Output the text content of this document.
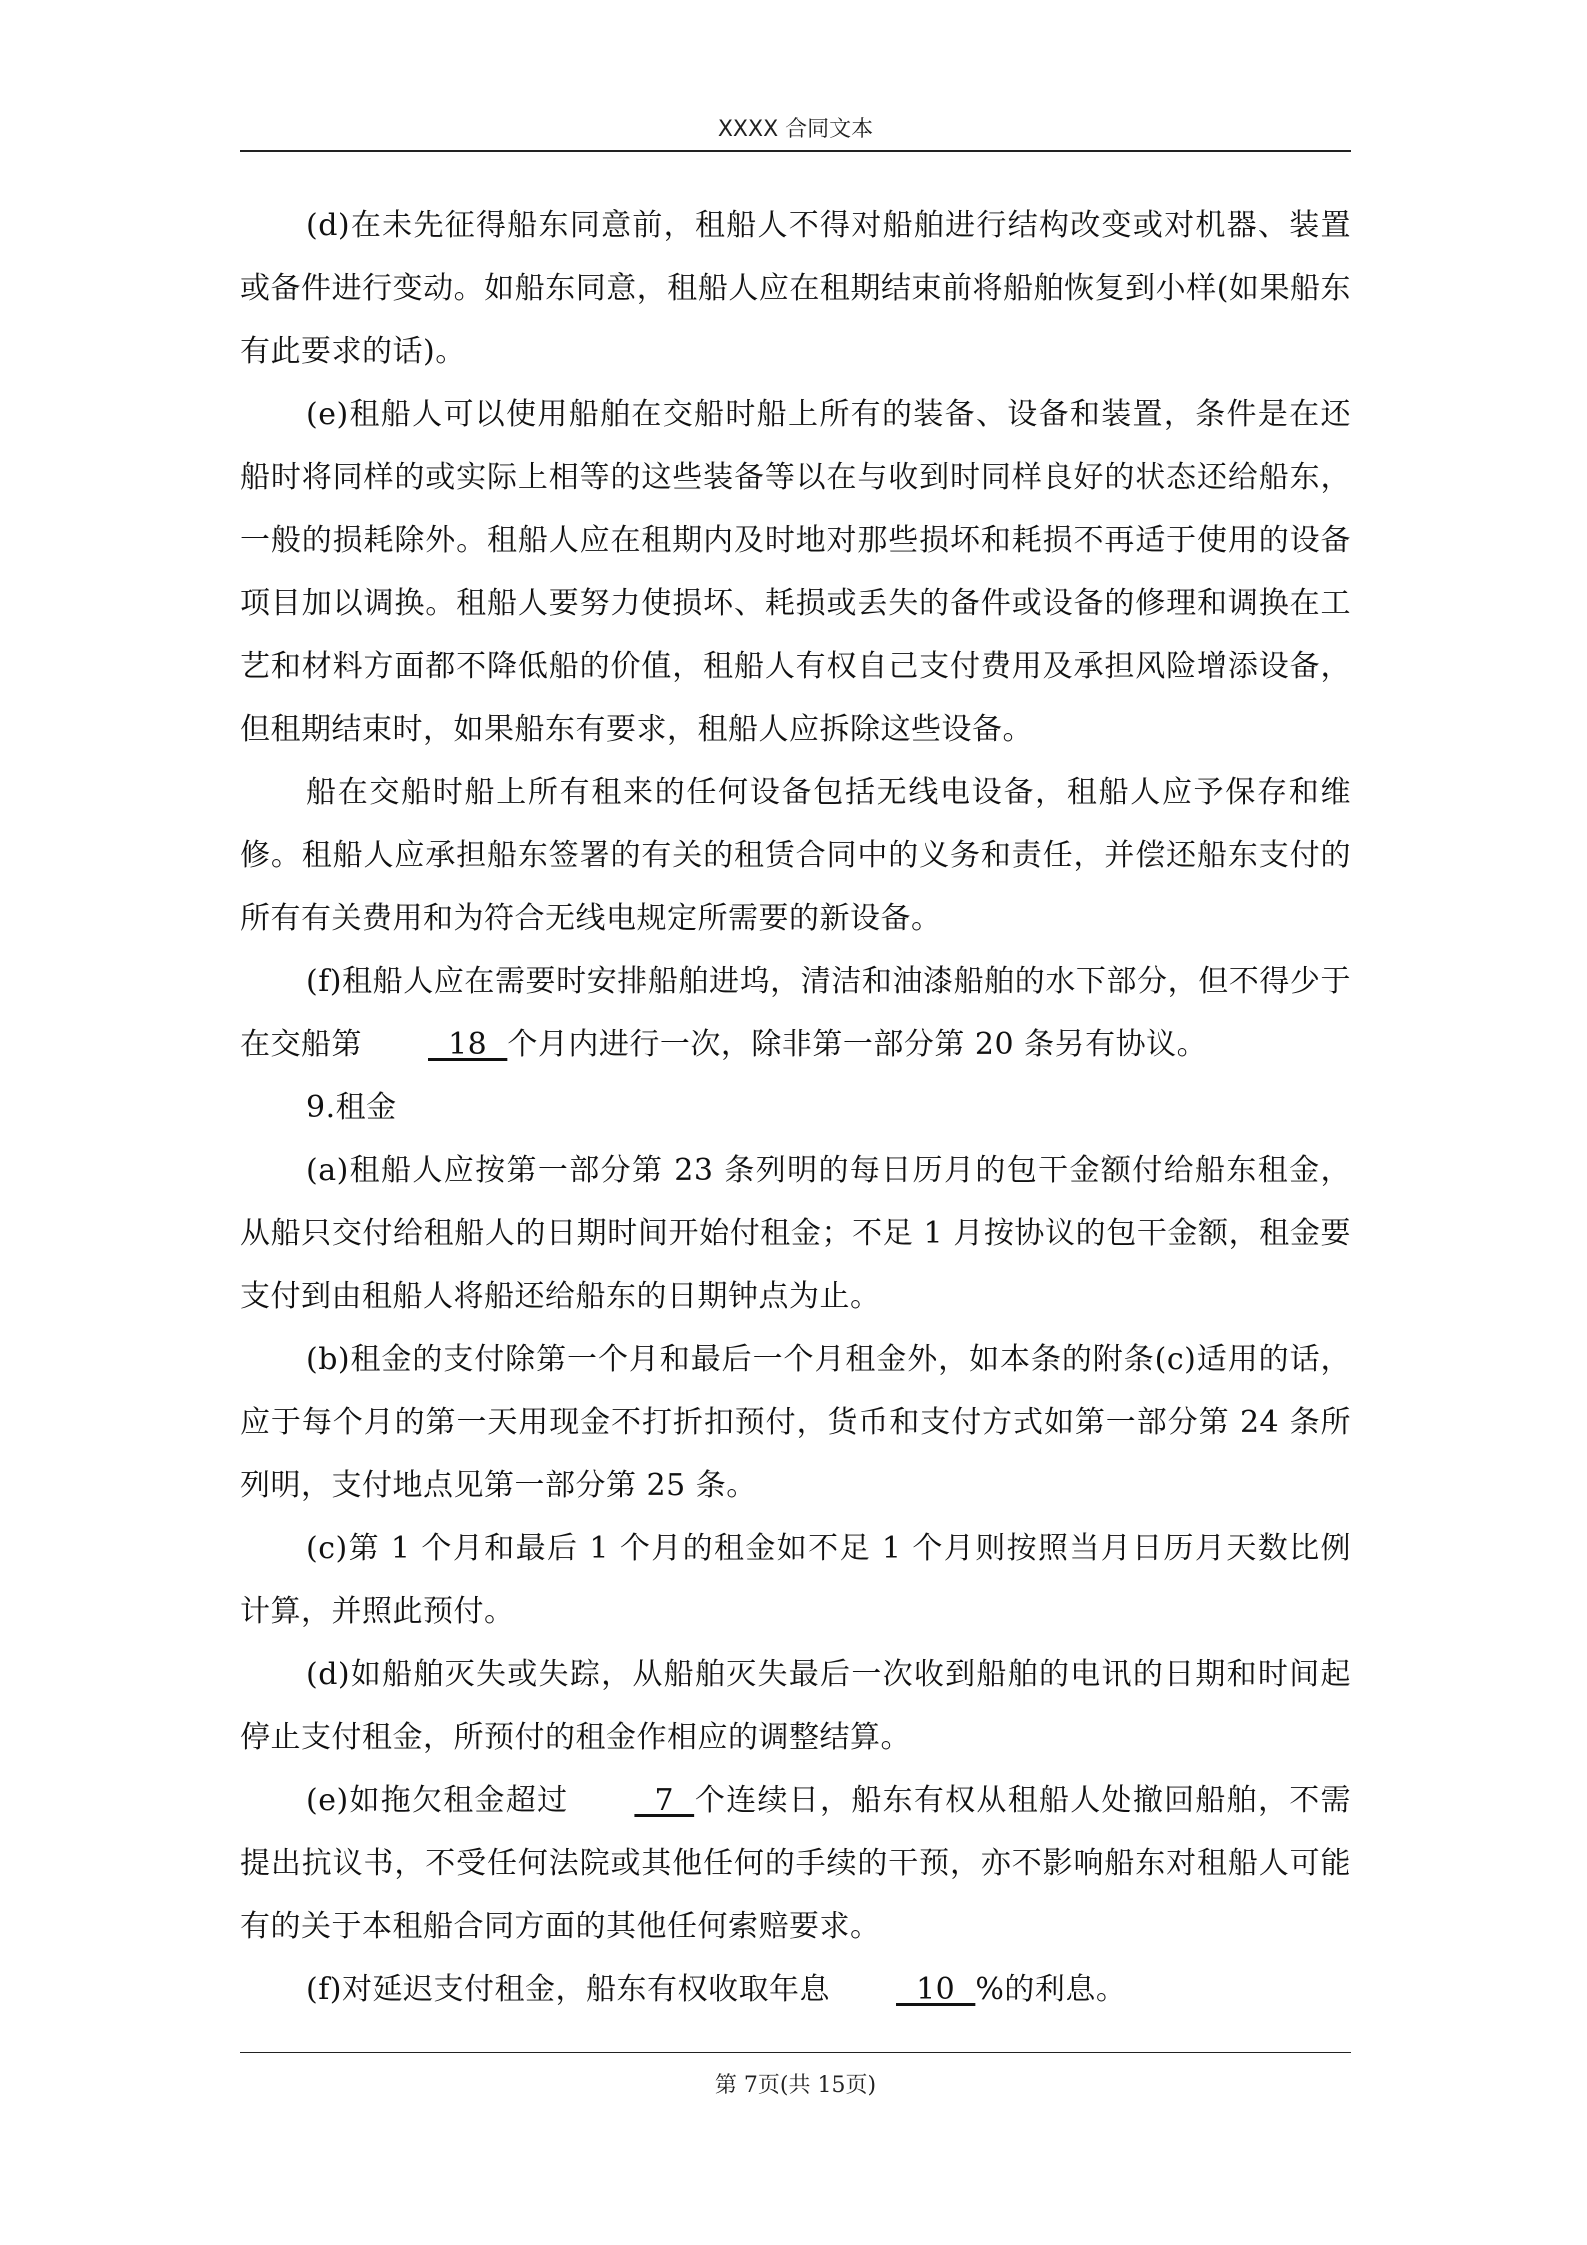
XXXX 合同文本

(d)在未先征得船东同意前，租船人不得对船舶进行结构改变或对机器、装置或备件进行变动。如船东同意，租船人应在租期结束前将船舶恢复到小样(如果船东有此要求的话)。

(e)租船人可以使用船舶在交船时船上所有的装备、设备和装置，条件是在还船时将同样的或实际上相等的这些装备等以在与收到时同样良好的状态还给船东，一般的损耗除外。租船人应在租期内及时地对那些损坏和耗损不再适于使用的设备项目加以调换。租船人要努力使损坏、耗损或丢失的备件或设备的修理和调换在工艺和材料方面都不降低船的价值，租船人有权自己支付费用及承担风险增添设备，但租期结束时，如果船东有要求，租船人应拆除这些设备。

船在交船时船上所有租来的任何设备包括无线电设备，租船人应予保存和维修。租船人应承担船东签署的有关的租赁合同中的义务和责任，并偿还船东支付的所有有关费用和为符合无线电规定所需要的新设备。

(f)租船人应在需要时安排船舶进坞，清洁和油漆船舶的水下部分，但不得少于在交船第  18  个月内进行一次，除非第一部分第 20 条另有协议。

9.租金

(a)租船人应按第一部分第 23 条列明的每日历月的包干金额付给船东租金，从船只交付给租船人的日期时间开始付租金；不足 1 月按协议的包干金额，租金要支付到由租船人将船还给船东的日期钟点为止。

(b)租金的支付除第一个月和最后一个月租金外，如本条的附条(c)适用的话，应于每个月的第一天用现金不打折扣预付，货币和支付方式如第一部分第 24 条所列明，支付地点见第一部分第 25 条。

(c)第 1 个月和最后 1 个月的租金如不足 1 个月则按照当月日历月天数比例计算，并照此预付。

(d)如船舶灭失或失踪，从船舶灭失最后一次收到船舶的电讯的日期和时间起停止支付租金，所预付的租金作相应的调整结算。

(e)如拖欠租金超过  7  个连续日，船东有权从租船人处撤回船舶，不需提出抗议书，不受任何法院或其他任何的手续的干预，亦不影响船东对租船人可能有的关于本租船合同方面的其他任何索赔要求。

(f)对延迟支付租金，船东有权收取年息  10  %的利息。

第 7页(共 15页)
